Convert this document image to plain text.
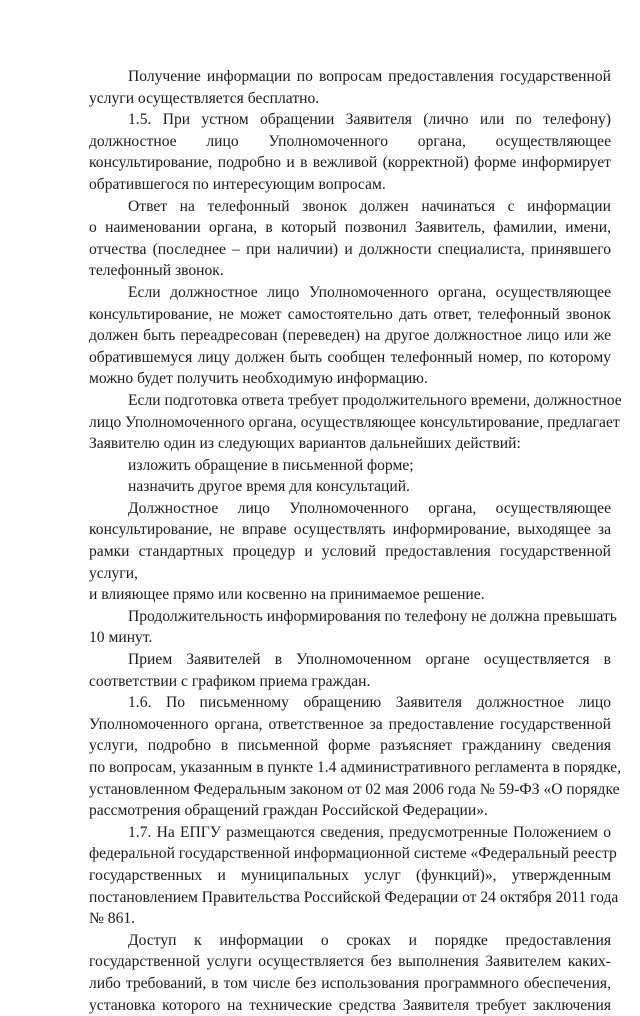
Получение информации по вопросам предоставления государственной
услуги осуществляется бесплатно.
1.5. При устном обращении Заявителя (лично или по телефону)
должностное лицо Уполномоченного органа, осуществляющее
консультирование, подробно и в вежливой (корректной) форме информирует
обратившегося по интересующим вопросам.
Ответ на телефонный звонок должен начинаться с информации
о наименовании органа, в который позвонил Заявитель, фамилии, имени,
отчества (последнее – при наличии) и должности специалиста, принявшего
телефонный звонок.
Если должностное лицо Уполномоченного органа, осуществляющее
консультирование, не может самостоятельно дать ответ, телефонный звонок
должен быть переадресован (переведен) на другое должностное лицо или же
обратившемуся лицу должен быть сообщен телефонный номер, по которому
можно будет получить необходимую информацию.
Если подготовка ответа требует продолжительного времени, должностное
лицо Уполномоченного органа, осуществляющее консультирование, предлагает
Заявителю один из следующих вариантов дальнейших действий:
изложить обращение в письменной форме;
назначить другое время для консультаций.
Должностное лицо Уполномоченного органа, осуществляющее
консультирование, не вправе осуществлять информирование, выходящее за
рамки стандартных процедур и условий предоставления государственной
услуги,
и влияющее прямо или косвенно на принимаемое решение.
Продолжительность информирования по телефону не должна превышать
10 минут.
Прием Заявителей в Уполномоченном органе осуществляется в
соответствии с графиком приема граждан.
1.6. По письменному обращению Заявителя должностное лицо
Уполномоченного органа, ответственное за предоставление государственной
услуги, подробно в письменной форме разъясняет гражданину сведения
по вопросам, указанным в пункте 1.4 административного регламента в порядке,
установленном Федеральным законом от 02 мая 2006 года № 59-ФЗ «О порядке
рассмотрения обращений граждан Российской Федерации».
1.7. На ЕПГУ размещаются сведения, предусмотренные Положением о
федеральной государственной информационной системе «Федеральный реестр
государственных и муниципальных услуг (функций)», утвержденным
постановлением Правительства Российской Федерации от 24 октября 2011 года
№ 861.
Доступ к информации о сроках и порядке предоставления
государственной услуги осуществляется без выполнения Заявителем каких-
либо требований, в том числе без использования программного обеспечения,
установка которого на технические средства Заявителя требует заключения
